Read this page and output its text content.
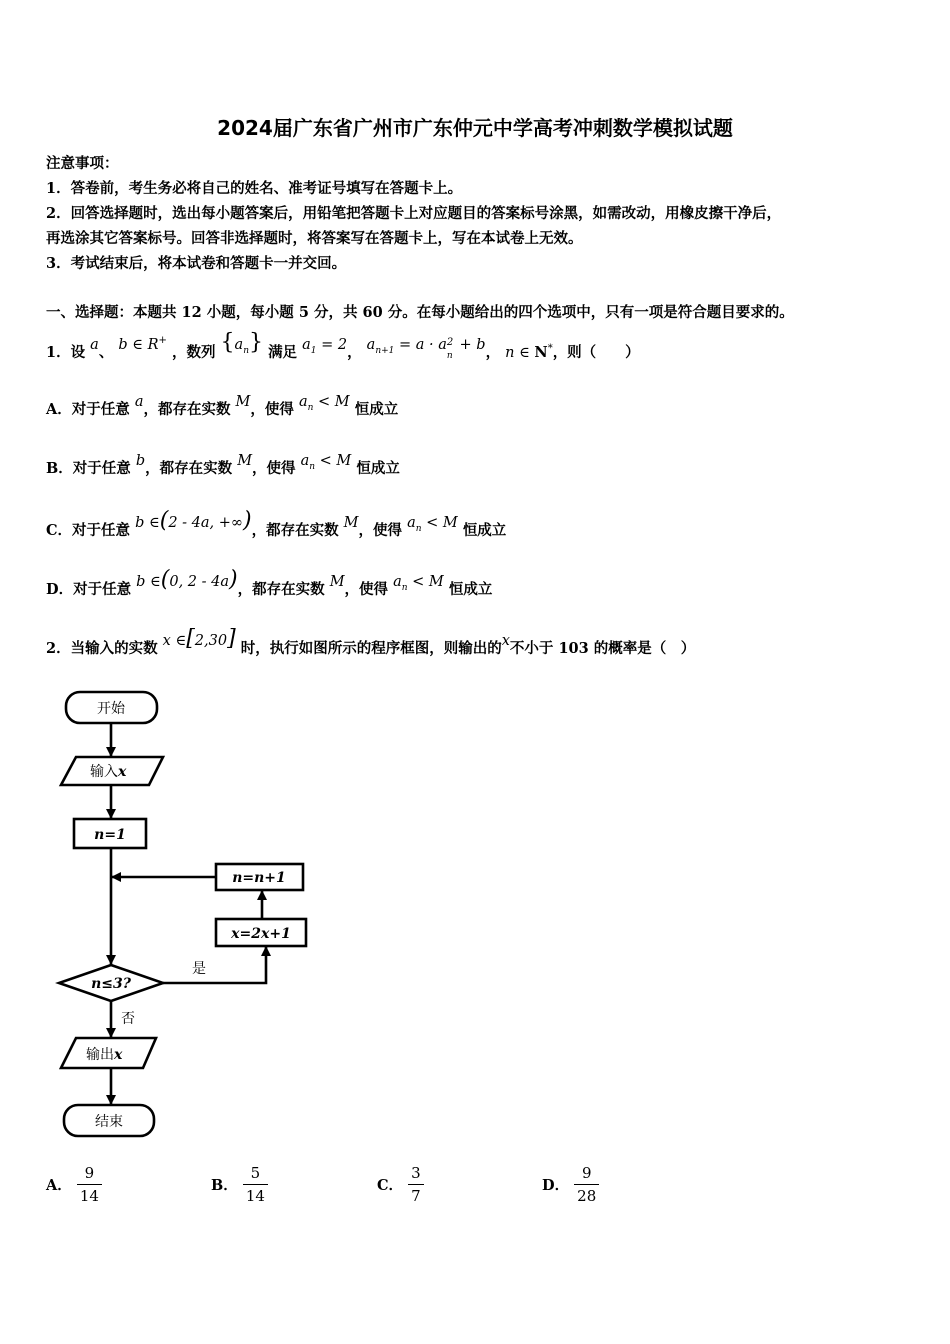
2024届广东省广州市广东仲元中学高考冲刺数学模拟试题
注意事项：
1．答卷前，考生务必将自己的姓名、准考证号填写在答题卡上。
2．回答选择题时，选出每小题答案后，用铅笔把答题卡上对应题目的答案标号涂黑，如需改动，用橡皮擦干净后，
再选涂其它答案标号。回答非选择题时，将答案写在答题卡上，写在本试卷上无效。
3．考试结束后，将本试卷和答题卡一并交回。
一、选择题：本题共 12 小题，每小题 5 分，共 60 分。在每小题给出的四个选项中，只有一项是符合题目要求的。
1．设 a、 b ∈ R+ ，数列 $\{a_n\}$ 满足 $a_1 = 2$， $a_{n+1} = a \cdot a$ 2
n
+ b， n ∈ N*，则（　　）
A．对于任意 a，都存在实数 M，使得 $a_n < M$ 恒成立
B．对于任意 b，都存在实数 M，使得 $a_n < M$ 恒成立
C．对于任意 b ∈(2 - 4a, +∞)，都存在实数 M，使得 $a_n < M$ 恒成立
D．对于任意 b ∈(0, 2 - 4a)，都存在实数 M，使得 $a_n < M$ 恒成立
2．当输入的实数 x ∈[2,30] 时，执行如图所示的程序框图，则输出的x不小于 103 的概率是（　）
开始
输入x
n=1
n=n+1
x=2x+1
n≤3?
是
否
输出x
结束
A． $\frac{9}{14}$	B． $\frac{5}{14}$	C． $\frac{3}{7}$	D． $\frac{9}{28}$
